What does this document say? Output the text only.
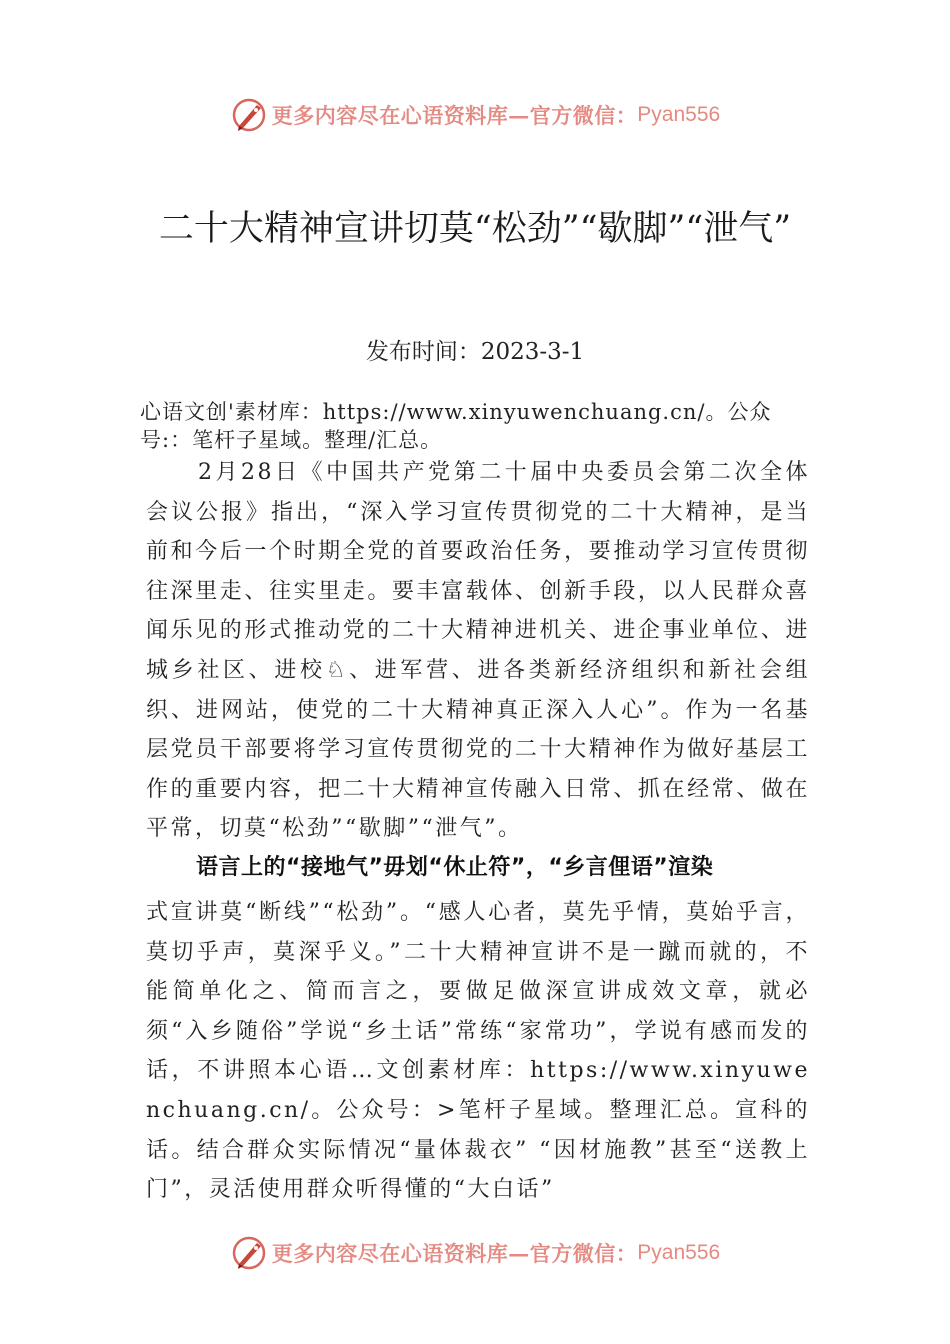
更多内容尽在心语资料库—官方微信： Pyan556
二十大精神宣讲切莫“松劲”“歇脚”“泄气”
发布时间：2023-3-1
心语文创'素材库：https://www.xinyuwenchuang.cn/。公众号:：笔杆子星域。整理/汇总。

2月28日《中国共产党第二十届中央委员会第二次全体会议公报》指出，“深入学习宣传贯彻党的二十大精神，是当前和今后一个时期全党的首要政治任务，要推动学习宣传贯彻往深里走、往实里走。要丰富载体、创新手段，以人民群众喜闻乐见的形式推动党的二十大精神进机关、进企事业单位、进城乡社区、进校♘、进军营、进各类新经济组织和新社会组织、进网站，使党的二十大精神真正深入人心”。作为一名基层党员干部要将学习宣传贯彻党的二十大精神作为做好基层工作的重要内容，把二十大精神宣传融入日常、抓在经常、做在平常，切莫“松劲”“歇脚”“泄气”。

语言上的“接地气”毋划“休止符”，“乡言俚语”渲染

式宣讲莫“断线”“松劲”。“感人心者，莫先乎情，莫始乎言，莫切乎声，莫深乎义。”二十大精神宣讲不是一蹴而就的，不能简单化之、简而言之，要做足做深宣讲成效文章，就必须“入乡随俗”学说“乡土话”常练“家常功”，学说有感而发的话，不讲照本心语…文创素材库：https://www.xinyuwenchuang.cn/。公众号：>笔杆子星域。整理汇总。宣科的话。结合群众实际情况“量体裁衣” “因材施教”甚至“送教上门”，灵活使用群众听得懂的“大白话”

更多内容尽在心语资料库—官方微信： Pyan556
